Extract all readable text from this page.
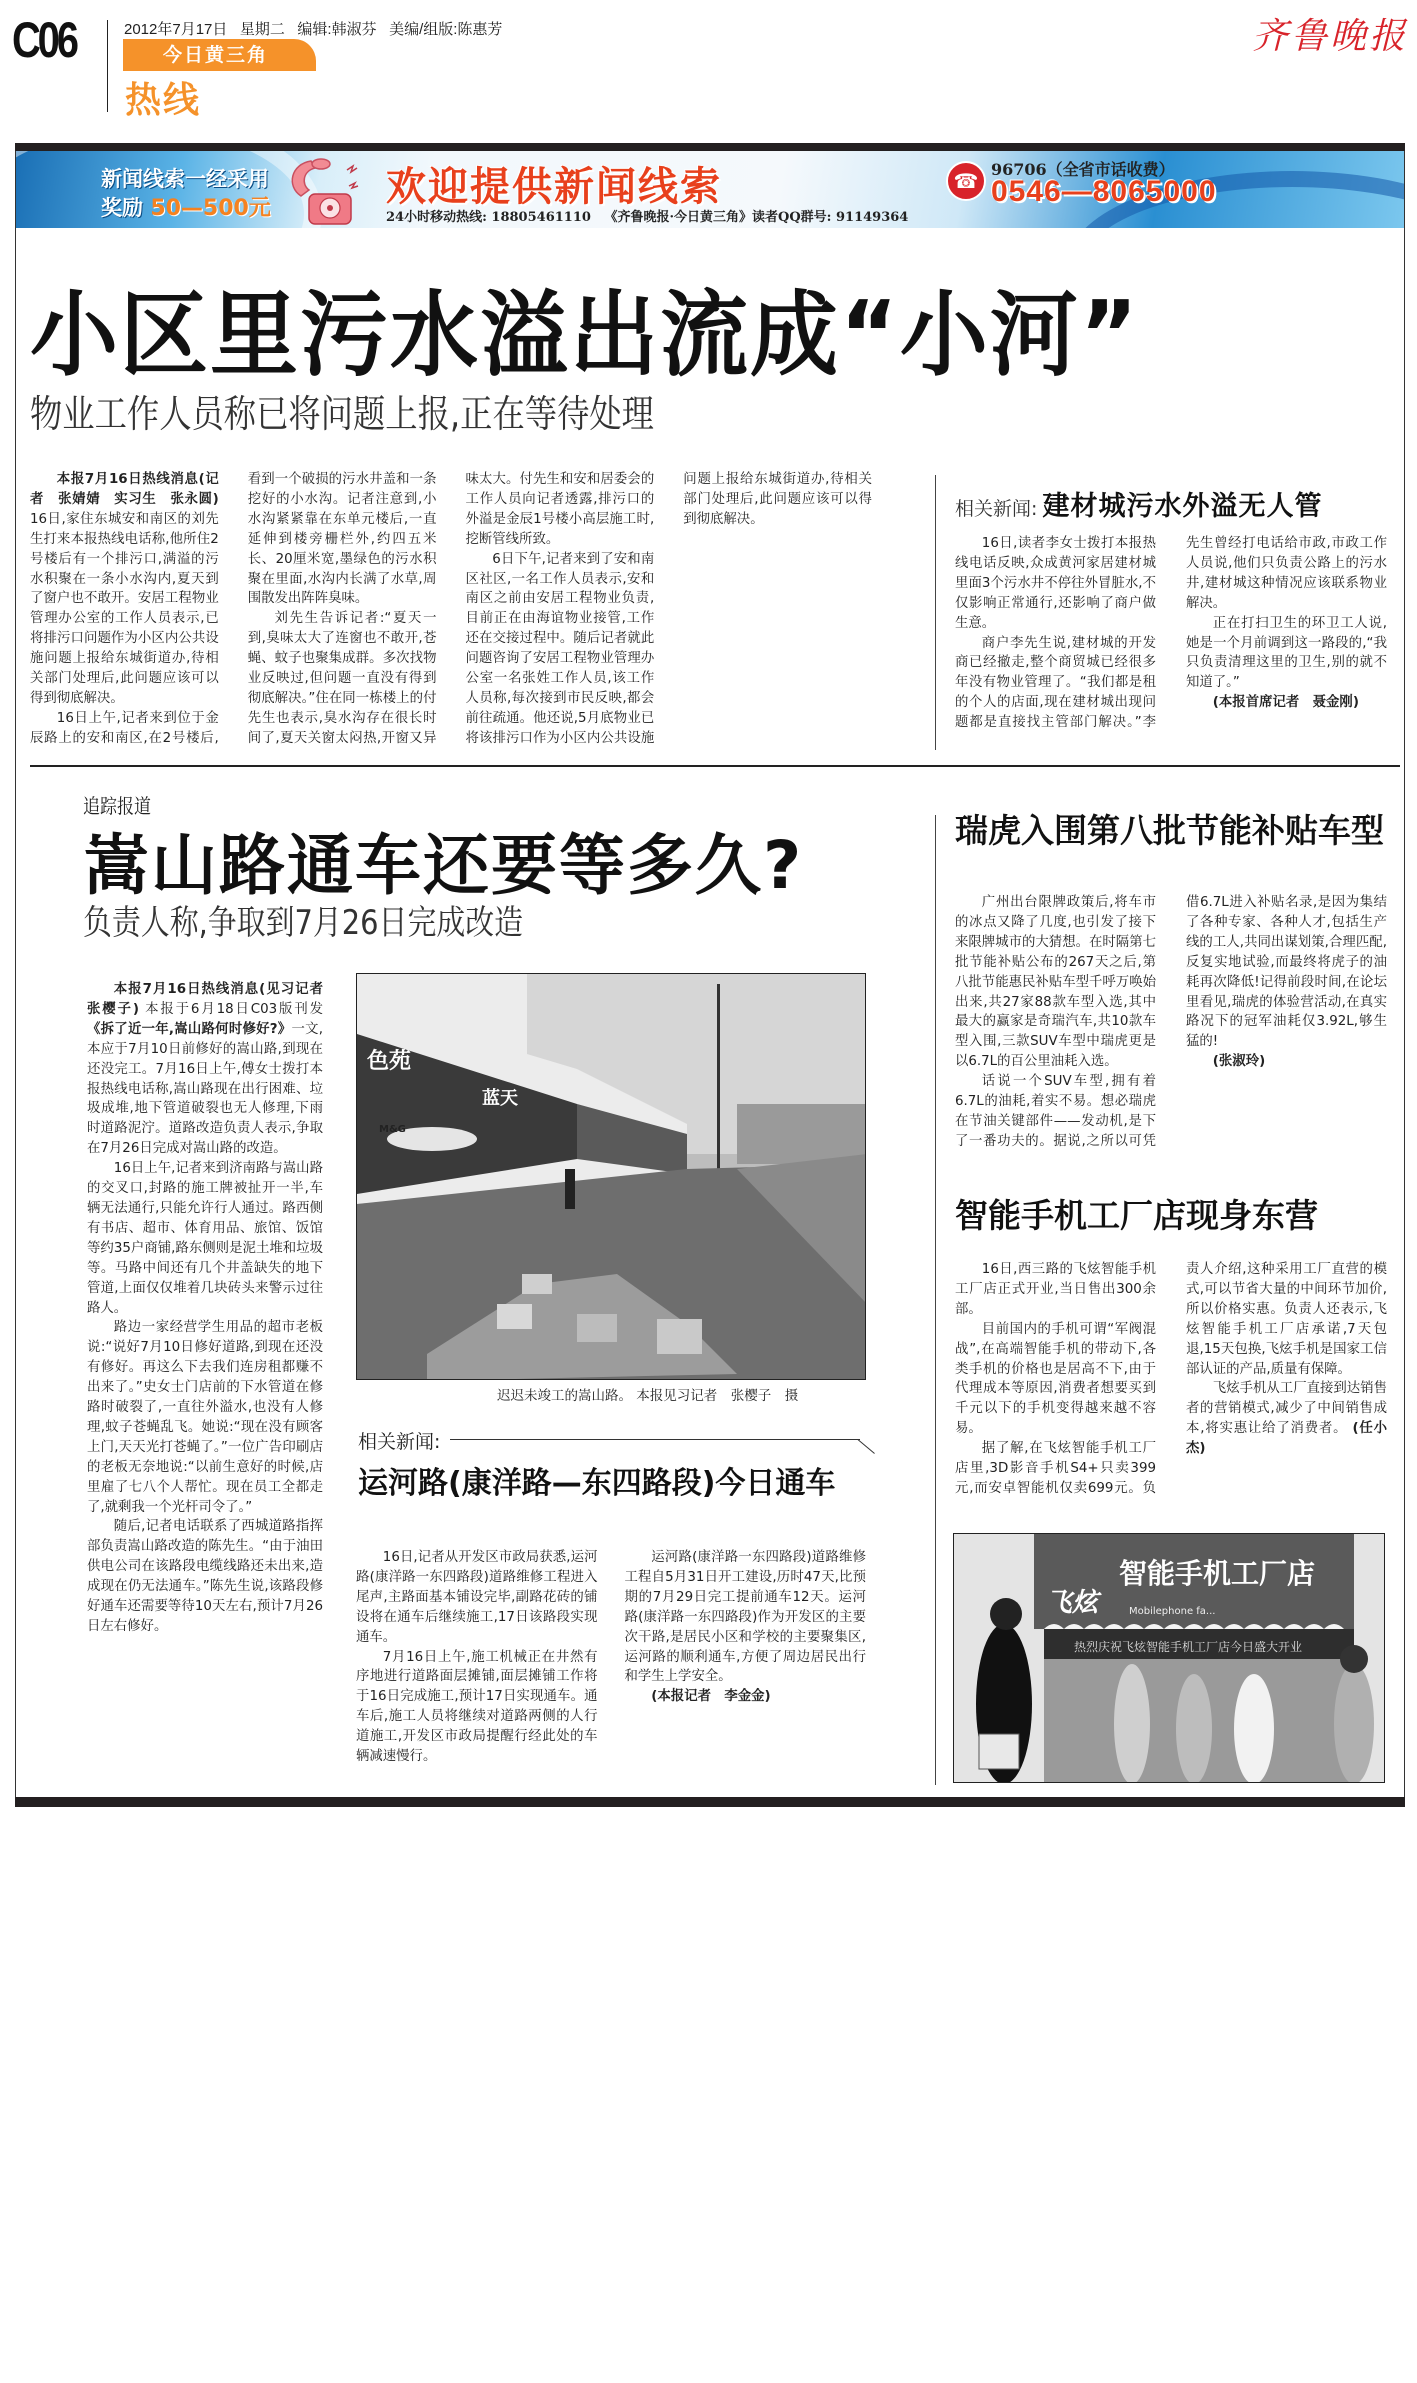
C06	2012年7月17日   星期二   编辑:韩淑芬   美编/组版:陈惠芳
今日黄三角
热线
齐鲁晚报
新闻线索一经采用
奖励 50—500元	欢迎提供新闻线索
24小时移动热线: 18805461110   《齐鲁晚报·今日黄三角》读者QQ群号: 91149364
☎ 96706（全省市话收费）
0546—8065000
小区里污水溢出流成“小河”
物业工作人员称已将问题上报,正在等待处理

本报7月16日热线消息(记者　张婧婧　实习生　张永圆) 16日,家住东城安和南区的刘先生打来本报热线电话称,他所住2号楼后有一个排污口,满溢的污水积聚在一条小水沟内,夏天到了窗户也不敢开。安居工程物业管理办公室的工作人员表示,已将排污口问题作为小区内公共设施问题上报给东城街道办,待相关部门处理后,此问题应该可以得到彻底解决。

16日上午,记者来到位于金辰路上的安和南区,在2号楼后,看到一个破损的污水井盖和一条挖好的小水沟。记者注意到,小水沟紧紧靠在东单元楼后,一直延伸到楼旁栅栏外,约四五米长、20厘米宽,墨绿色的污水积聚在里面,水沟内长满了水草,周围散发出阵阵臭味。

刘先生告诉记者:“夏天一到,臭味太大了连窗也不敢开,苍蝇、蚊子也聚集成群。多次找物业反映过,但问题一直没有得到彻底解决。”住在同一栋楼上的付先生也表示,臭水沟存在很长时间了,夏天关窗太闷热,开窗又异味太大。付先生和安和居委会的工作人员向记者透露,排污口的外溢是金辰1号楼小高层施工时,挖断管线所致。

6日下午,记者来到了安和南区社区,一名工作人员表示,安和南区之前由安居工程物业负责,目前正在由海谊物业接管,工作还在交接过程中。随后记者就此问题咨询了安居工程物业管理办公室一名张姓工作人员,该工作人员称,每次接到市民反映,都会前往疏通。他还说,5月底物业已将该排污口作为小区内公共设施问题上报给东城街道办,待相关部门处理后,此问题应该可以得到彻底解决。	相关新闻: 建材城污水外溢无人管

16日,读者李女士拨打本报热线电话反映,众成黄河家居建材城里面3个污水井不停往外冒脏水,不仅影响正常通行,还影响了商户做生意。

商户李先生说,建材城的开发商已经撤走,整个商贸城已经很多年没有物业管理了。“我们都是租的个人的店面,现在建材城出现问题都是直接找主管部门解决。”李先生曾经打电话给市政,市政工作人员说,他们只负责公路上的污水井,建材城这种情况应该联系物业解决。

正在打扫卫生的环卫工人说,她是一个月前调到这一路段的,“我只负责清理这里的卫生,别的就不知道了。”

(本报首席记者　聂金刚)

追踪报道
嵩山路通车还要等多久?
负责人称,争取到7月26日完成改造

本报7月16日热线消息(见习记者　张樱子) 本报于6月18日C03版刊发《拆了近一年,嵩山路何时修好?》一文,本应于7月10日前修好的嵩山路,到现在还没完工。7月16日上午,傅女士拨打本报热线电话称,嵩山路现在出行困难、垃圾成堆,地下管道破裂也无人修理,下雨时道路泥泞。道路改造负责人表示,争取在7月26日完成对嵩山路的改造。

16日上午,记者来到济南路与嵩山路的交叉口,封路的施工牌被扯开一半,车辆无法通行,只能允许行人通过。路西侧有书店、超市、体育用品、旅馆、饭馆等约35户商铺,路东侧则是泥土堆和垃圾等。马路中间还有几个井盖缺失的地下管道,上面仅仅堆着几块砖头来警示过往路人。

路边一家经营学生用品的超市老板说:“说好7月10日修好道路,到现在还没有修好。再这么下去我们连房租都赚不出来了。”史女士门店前的下水管道在修路时破裂了,一直往外溢水,也没有人修理,蚊子苍蝇乱飞。她说:“现在没有顾客上门,天天光打苍蝇了。”一位广告印刷店的老板无奈地说:“以前生意好的时候,店里雇了七八个人帮忙。现在员工全都走了,就剩我一个光杆司令了。”

随后,记者电话联系了西城道路指挥部负责嵩山路改造的陈先生。“由于油田供电公司在该路段电缆线路还未出来,造成现在仍无法通车。”陈先生说,该路段修好通车还需要等待10天左右,预计7月26日左右修好。

色苑
蓝天
M&G
迟迟未竣工的嵩山路。 本报见习记者　张樱子　摄
相关新闻:
运河路(康洋路—东四路段)今日通车

16日,记者从开发区市政局获悉,运河路(康洋路一东四路段)道路维修工程进入尾声,主路面基本铺设完毕,副路花砖的铺设将在通车后继续施工,17日该路段实现通车。

7月16日上午,施工机械正在井然有序地进行道路面层摊铺,面层摊铺工作将于16日完成施工,预计17日实现通车。通车后,施工人员将继续对道路两侧的人行道施工,开发区市政局提醒行经此处的车辆减速慢行。

运河路(康洋路一东四路段)道路维修工程自5月31日开工建设,历时47天,比预期的7月29日完工提前通车12天。运河路(康洋路一东四路段)作为开发区的主要次干路,是居民小区和学校的主要聚集区,运河路的顺利通车,方便了周边居民出行和学生上学安全。

(本报记者　李金金)

瑞虎入围第八批节能补贴车型

广州出台限牌政策后,将车市的冰点又降了几度,也引发了接下来限牌城市的大猜想。在时隔第七批节能补贴公布的267天之后,第八批节能惠民补贴车型千呼万唤始出来,共27家88款车型入选,其中最大的赢家是奇瑞汽车,共10款车型入围,三款SUV车型中瑞虎更是以6.7L的百公里油耗入选。

话说一个SUV车型,拥有着6.7L的油耗,着实不易。想必瑞虎在节油关键部件——发动机,是下了一番功夫的。据说,之所以可凭借6.7L进入补贴名录,是因为集结了各种专家、各种人才,包括生产线的工人,共同出谋划策,合理匹配,反复实地试验,而最终将虎子的油耗再次降低!记得前段时间,在论坛里看见,瑞虎的体验营活动,在真实路况下的冠军油耗仅3.92L,够生猛的!

(张淑玲)

智能手机工厂店现身东营

16日,西三路的飞炫智能手机工厂店正式开业,当日售出300余部。

目前国内的手机可谓“军阀混战”,在高端智能手机的带动下,各类手机的价格也是居高不下,由于代理成本等原因,消费者想要买到千元以下的手机变得越来越不容易。

据了解,在飞炫智能手机工厂店里,3D影音手机S4+只卖399元,而安卓智能机仅卖699元。负责人介绍,这种采用工厂直营的模式,可以节省大量的中间环节加价,所以价格实惠。负责人还表示,飞炫智能手机工厂店承诺,7天包退,15天包换,飞炫手机是国家工信部认证的产品,质量有保障。

飞炫手机从工厂直接到达销售者的营销模式,减少了中间销售成本,将实惠让给了消费者。 (任小杰)

飞炫
智能手机工厂店
Mobilephone fa...
热烈庆祝飞炫智能手机工厂店今日盛大开业
